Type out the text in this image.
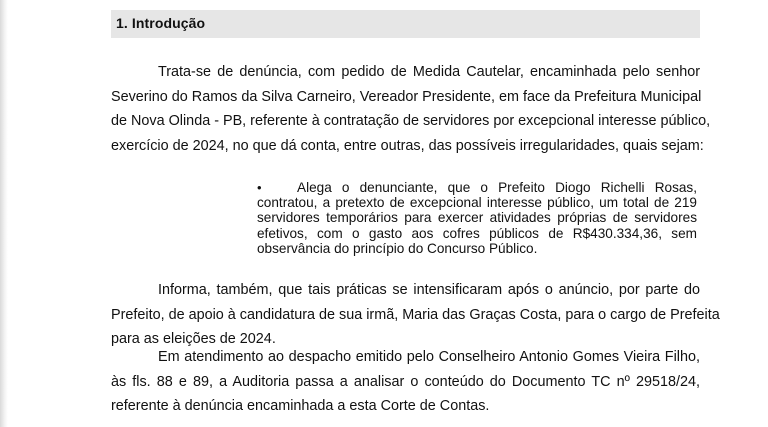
1. Introdução

Trata-se de denúncia, com pedido de Medida Cautelar, encaminhada pelo senhor
Severino do Ramos da Silva Carneiro, Vereador Presidente, em face da Prefeitura Municipal
de Nova Olinda - PB, referente à contratação de servidores por excepcional interesse público,
exercício de 2024, no que dá conta, entre outras, das possíveis irregularidades, quais sejam:

•	Alega o denunciante, que o Prefeito Diogo Richelli Rosas,
contratou, a pretexto de excepcional interesse público, um total de 219
servidores temporários para exercer atividades próprias de servidores
efetivos, com o gasto aos cofres públicos de R$430.334,36, sem
observância do princípio do Concurso Público.

Informa, também, que tais práticas se intensificaram após o anúncio, por parte do
Prefeito, de apoio à candidatura de sua irmã, Maria das Graças Costa, para o cargo de Prefeita
para as eleições de 2024.

Em atendimento ao despacho emitido pelo Conselheiro Antonio Gomes Vieira Filho,
às fls. 88 e 89, a Auditoria passa a analisar o conteúdo do Documento TC nº 29518/24,
referente à denúncia encaminhada a esta Corte de Contas.
